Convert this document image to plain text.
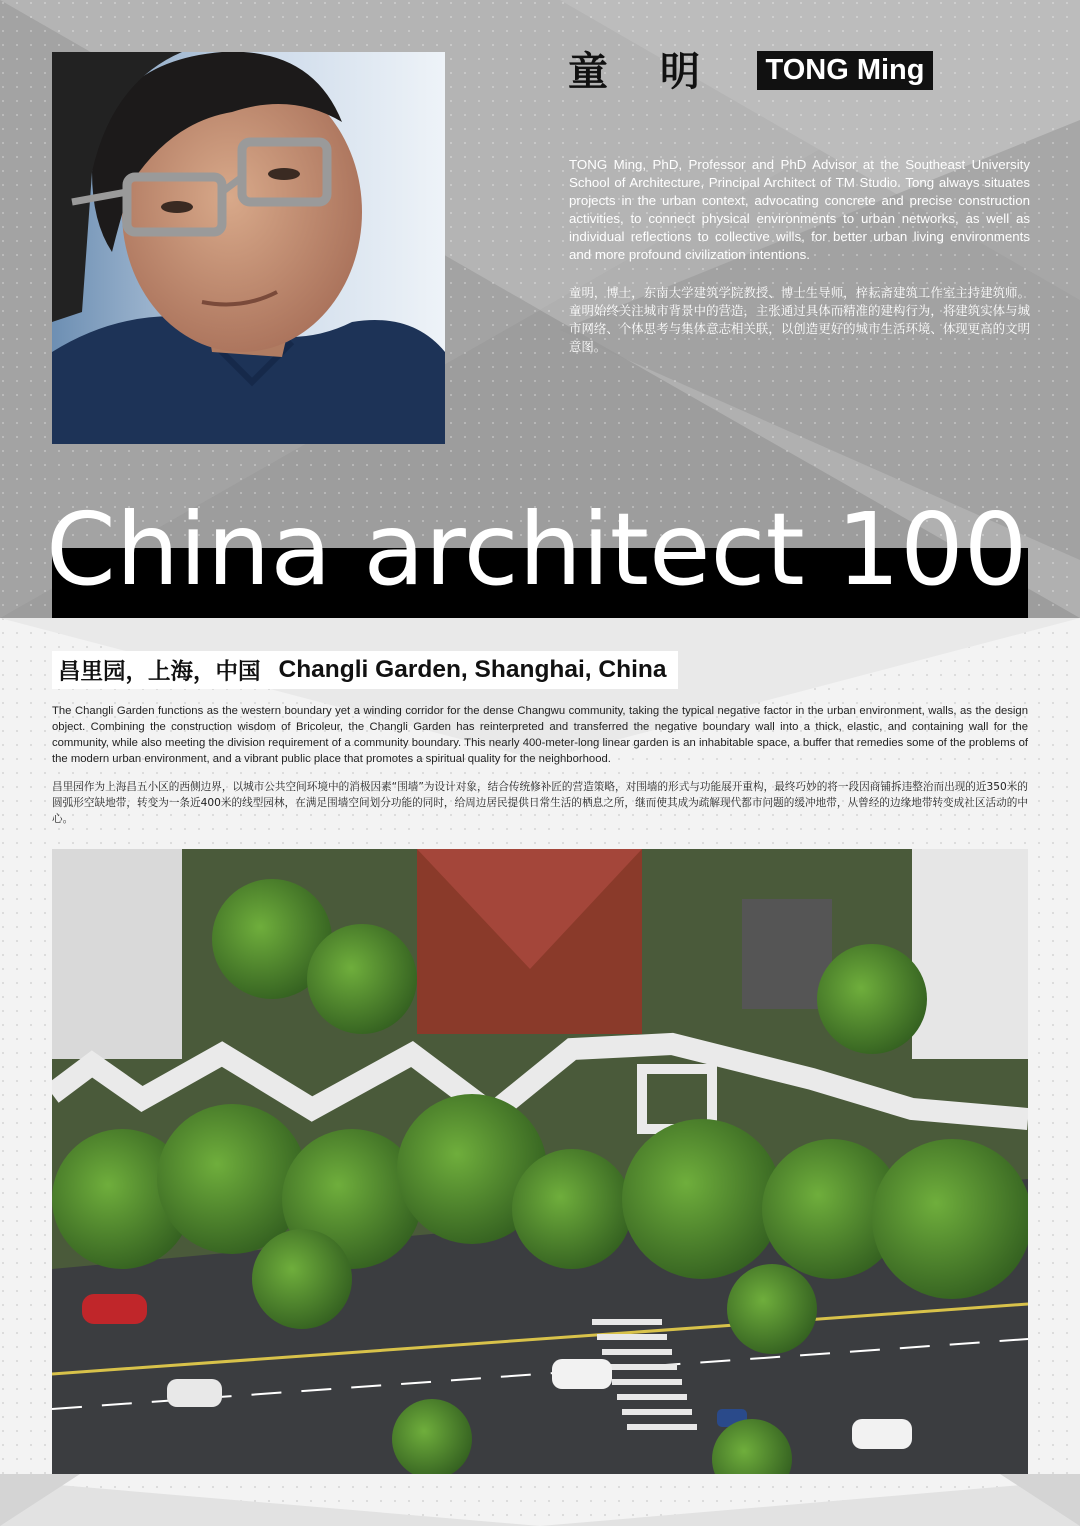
童明 TONG Ming
TONG Ming, PhD, Professor and PhD Advisor at the Southeast University School of Architecture, Principal Architect of TM Studio. Tong always situates projects in the urban context, advocating concrete and precise construction activities, to connect physical environments to urban networks, as well as individual reflections to collective wills, for better urban living environments and more profound civilization intentions.
童明，博士，东南大学建筑学院教授、博士生导师，梓耘斋建筑工作室主持建筑师。童明始终关注城市背景中的营造，主张通过具体而精准的建构行为，将建筑实体与城市网络、个体思考与集体意志相关联，以创造更好的城市生活环境、体现更高的文明意图。
China architect 100
昌里园，上海，中国 Changli Garden, Shanghai, China
The Changli Garden functions as the western boundary yet a winding corridor for the dense Changwu community, taking the typical negative factor in the urban environment, walls, as the design object. Combining the construction wisdom of Bricoleur, the Changli Garden has reinterpreted and transferred the negative boundary wall into a thick, elastic, and containing wall for the community, while also meeting the division requirement of a community boundary. This nearly 400-meter-long linear garden is an inhabitable space, a buffer that remedies some of the problems of the modern urban environment, and a vibrant public place that promotes a spiritual quality for the neighborhood.
昌里园作为上海昌五小区的西侧边界，以城市公共空间环境中的消极因素“围墙”为设计对象，结合传统修补匠的营造策略，对围墙的形式与功能展开重构，最终巧妙的将一段因商铺拆违整治而出现的近350米的圆弧形空缺地带，转变为一条近400米的线型园林，在满足围墙空间划分功能的同时，给周边居民提供日常生活的栖息之所，继而使其成为疏解现代都市问题的缓冲地带，从曾经的边缘地带转变成社区活动的中心。
